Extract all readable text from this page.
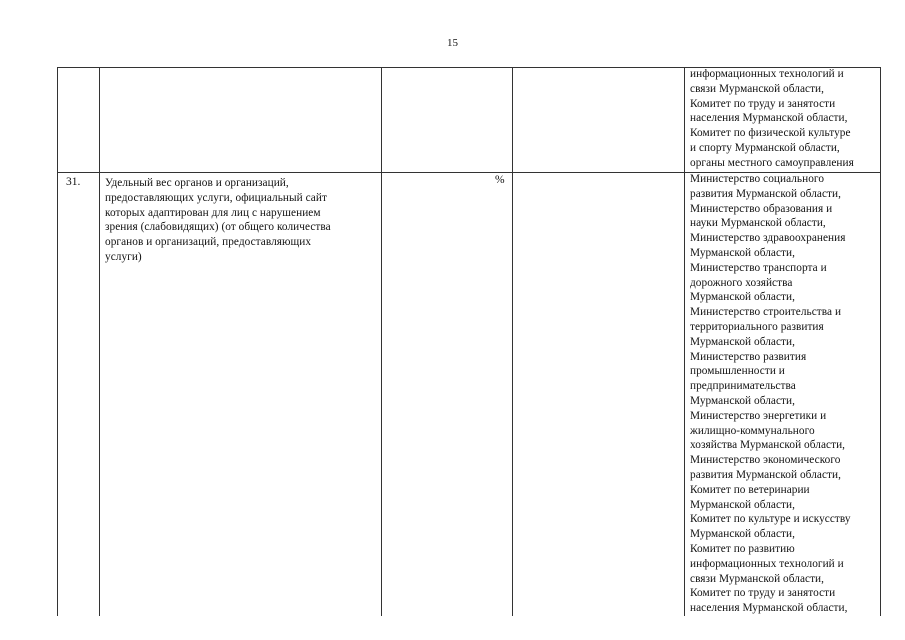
15
информационных технологий и
связи Мурманской области,
Комитет по труду и занятости
населения Мурманской области,
Комитет по физической культуре
и спорту Мурманской области,
органы местного самоуправления
31. Удельный вес органов и организаций,
предоставляющих услуги, официальный сайт
которых адаптирован для лиц с нарушением
зрения (слабовидящих) (от общего количества
органов и организаций, предоставляющих
услуги)
%	Министерство социального
развития Мурманской области,
Министерство образования и
науки Мурманской области,
Министерство здравоохранения
Мурманской области,
Министерство транспорта и
дорожного хозяйства
Мурманской области,
Министерство строительства и
территориального развития
Мурманской области,
Министерство развития
промышленности и
предпринимательства
Мурманской области,
Министерство энергетики и
жилищно-коммунального
хозяйства Мурманской области,
Министерство экономического
развития Мурманской области,
Комитет по ветеринарии
Мурманской области,
Комитет по культуре и искусству
Мурманской области,
Комитет по развитию
информационных технологий и
связи Мурманской области,
Комитет по труду и занятости
населения Мурманской области,
